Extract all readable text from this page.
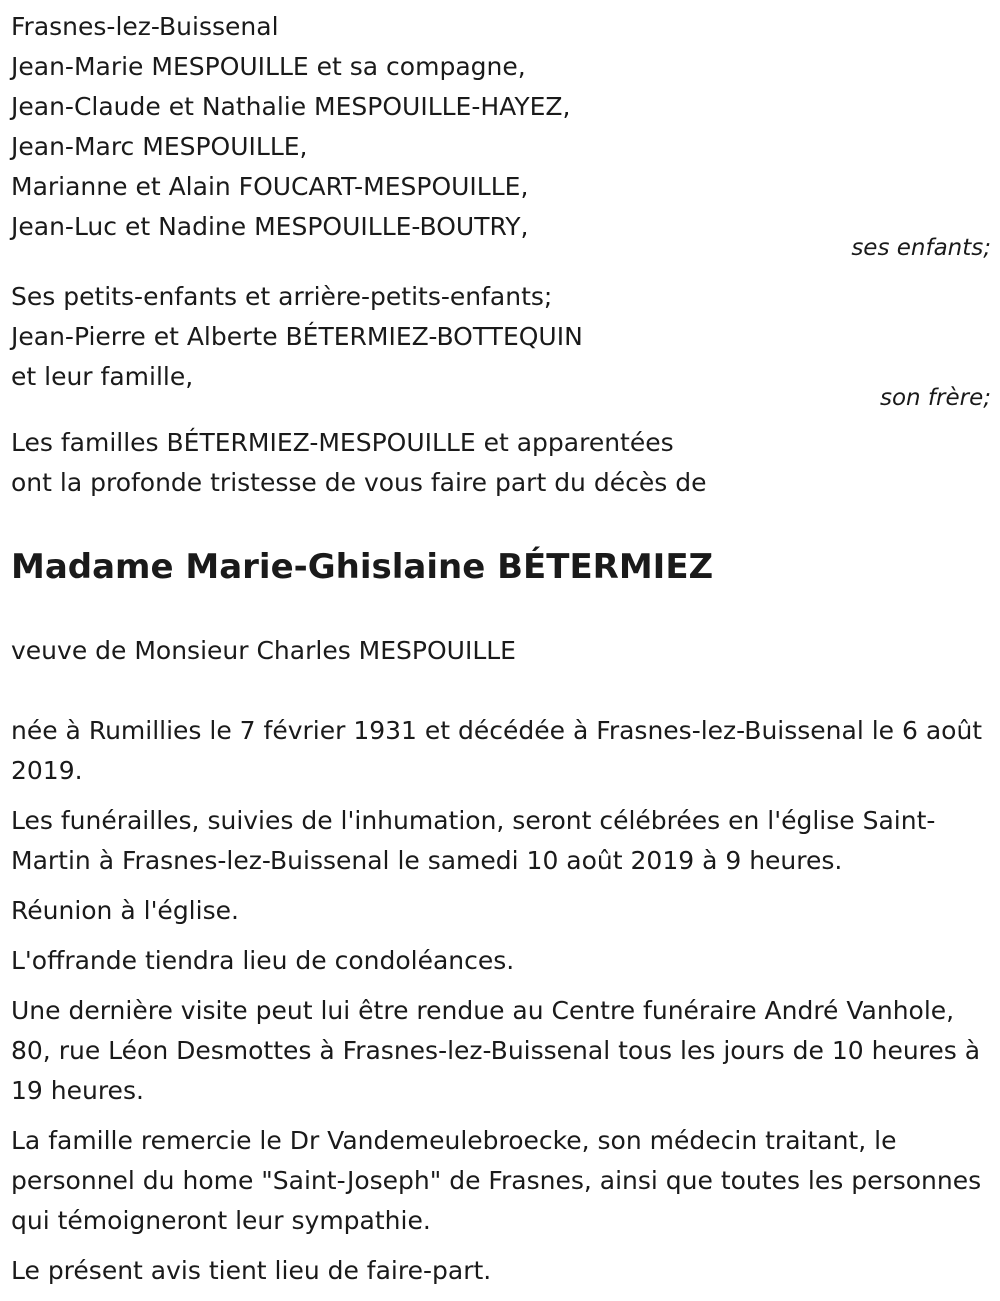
Frasnes-lez-Buissenal

Jean-Marie MESPOUILLE et sa compagne,

Jean-Claude et Nathalie MESPOUILLE-HAYEZ,

Jean-Marc MESPOUILLE,

Marianne et Alain FOUCART-MESPOUILLE,

Jean-Luc et Nadine MESPOUILLE-BOUTRY,

ses enfants;

Ses petits-enfants et arrière-petits-enfants;

Jean-Pierre et Alberte BÉTERMIEZ-BOTTEQUIN

et leur famille,

son frère;

Les familles BÉTERMIEZ-MESPOUILLE et apparentées

ont la profonde tristesse de vous faire part du décès de

Madame Marie-Ghislaine BÉTERMIEZ

veuve de Monsieur Charles MESPOUILLE

née à Rumillies le 7 février 1931 et décédée à Frasnes-lez-Buissenal le 6 août 2019.

Les funérailles, suivies de l'inhumation, seront célébrées en l'église Saint-Martin à Frasnes-lez-Buissenal le samedi 10 août 2019 à 9 heures.

Réunion à l'église.

L'offrande tiendra lieu de condoléances.

Une dernière visite peut lui être rendue au Centre funéraire André Vanhole, 80, rue Léon Desmottes à Frasnes-lez-Buissenal tous les jours de 10 heures à 19 heures.

La famille remercie le Dr Vandemeulebroecke, son médecin traitant, le personnel du home "Saint-Joseph" de Frasnes, ainsi que toutes les personnes qui témoigneront leur sympathie.

Le présent avis tient lieu de faire-part.
